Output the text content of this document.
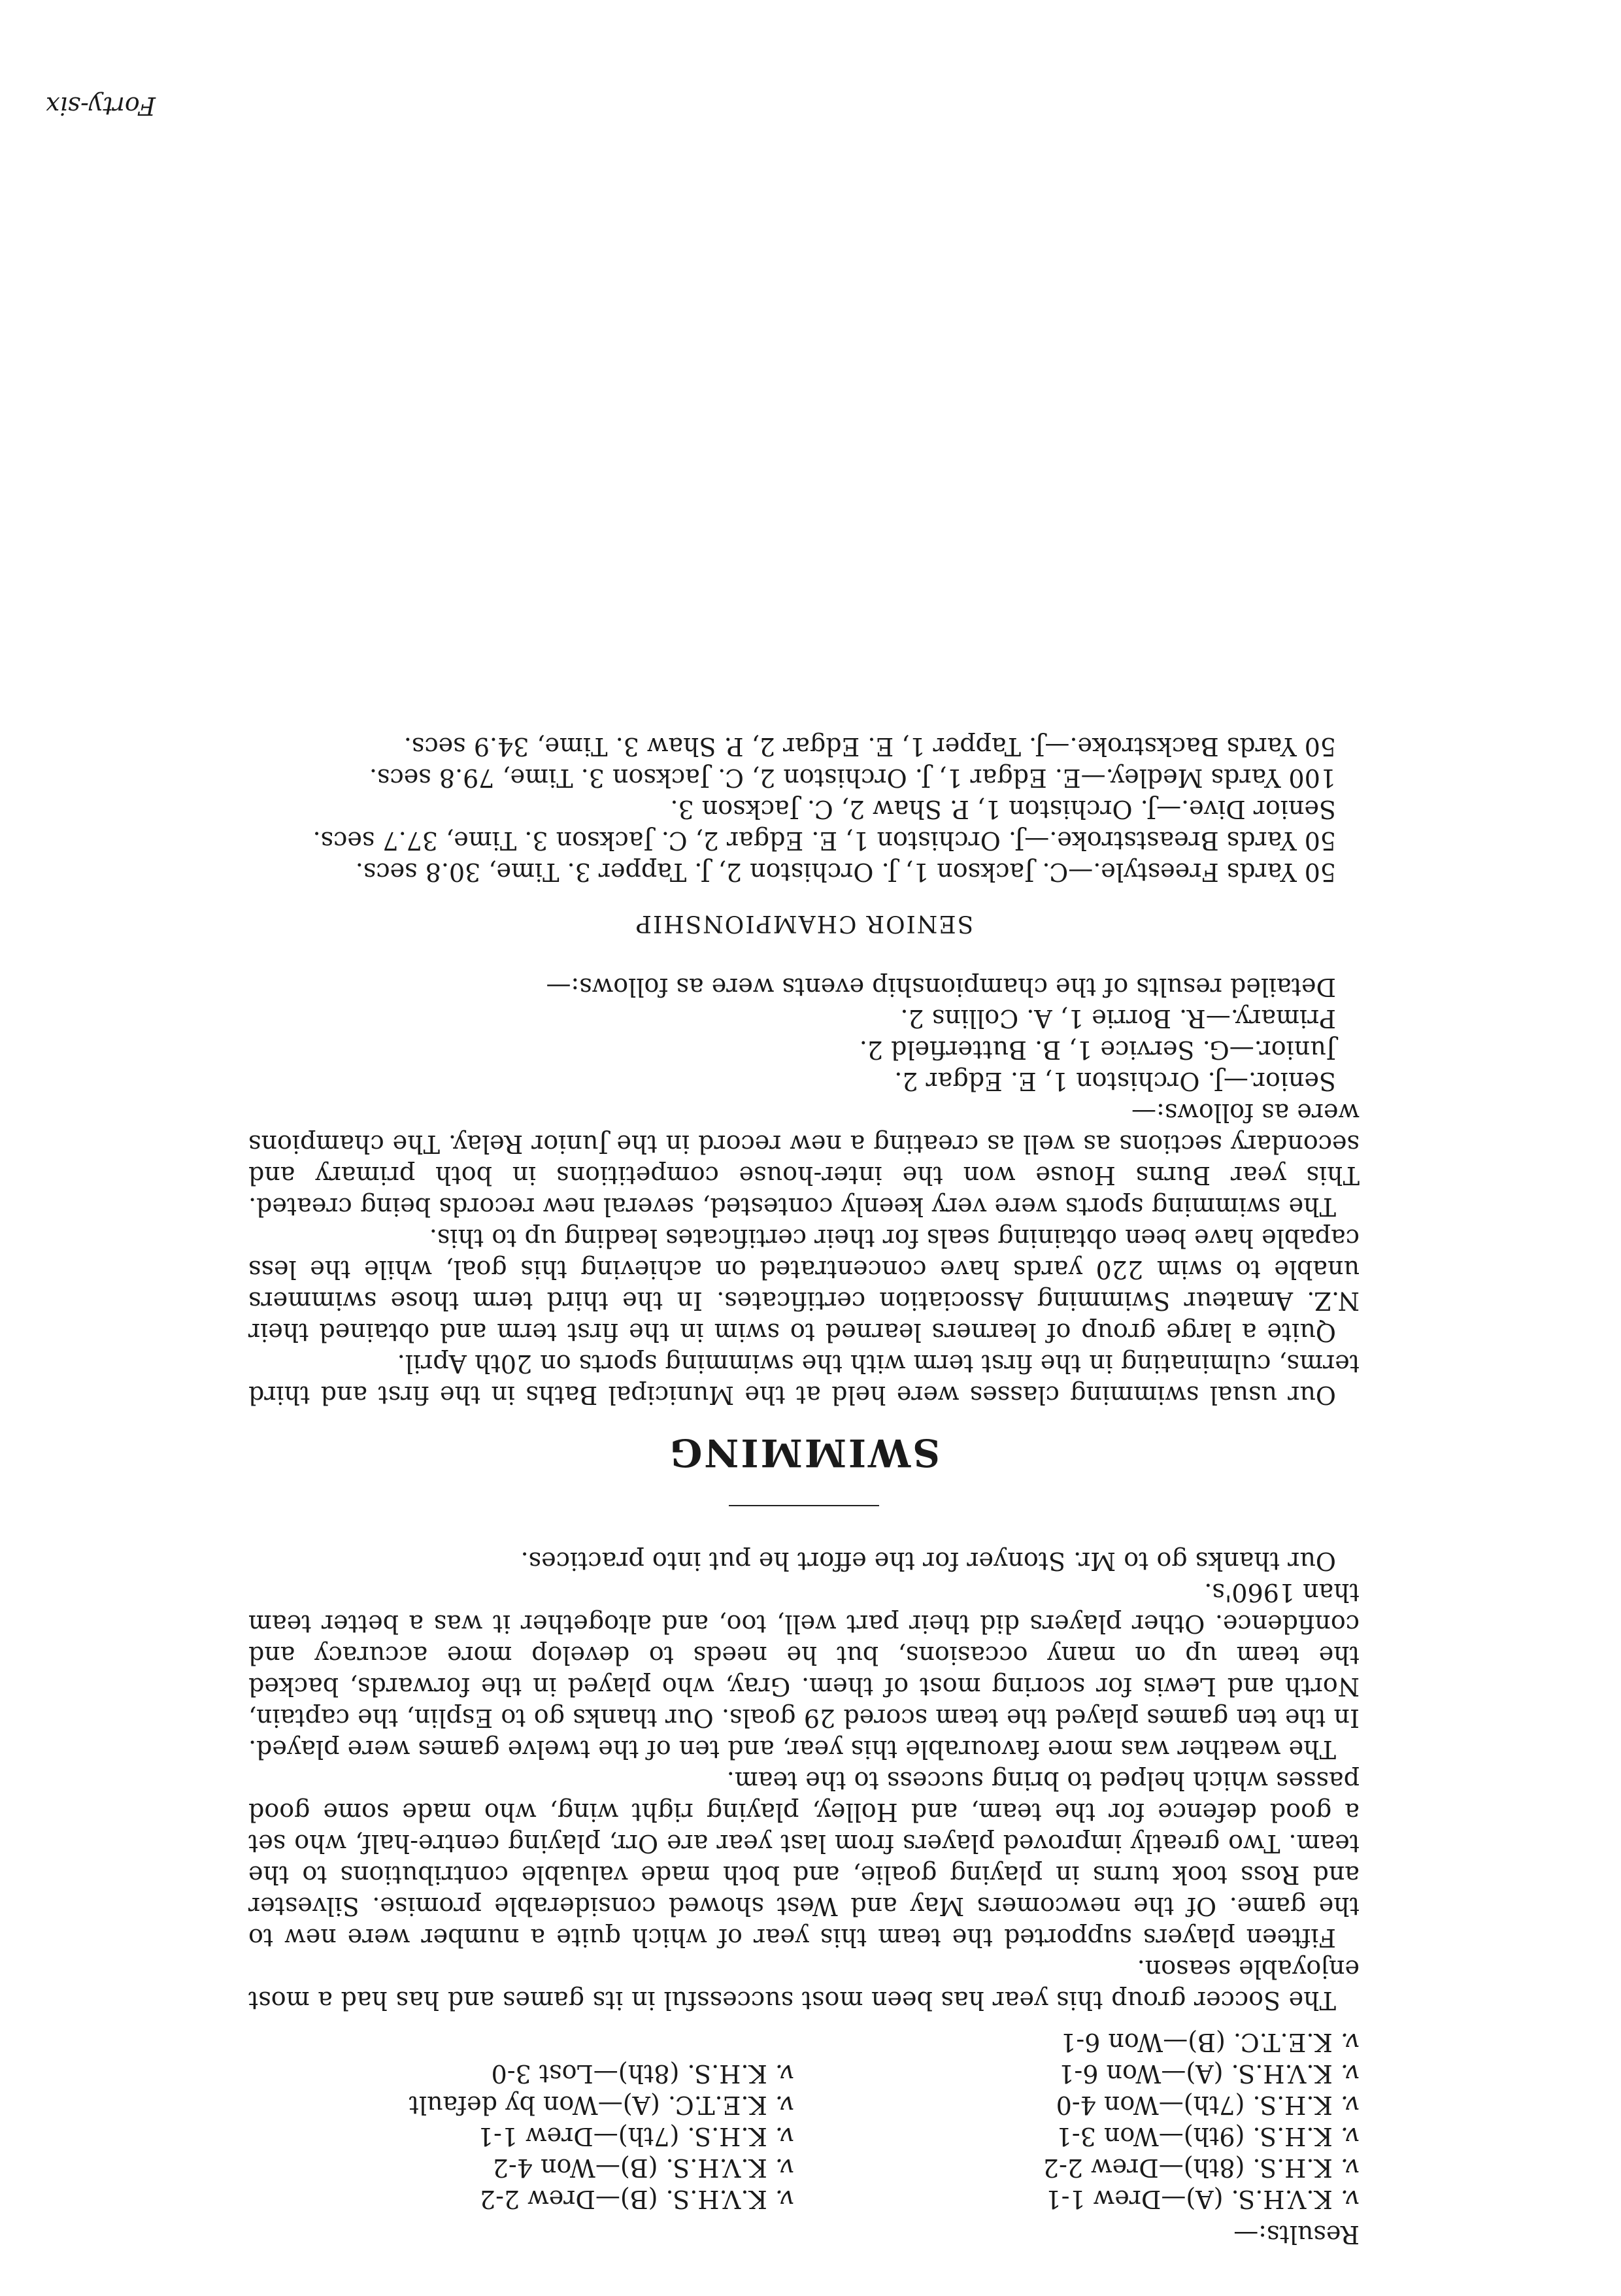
Results:—
v. K.V.H.S. (A)—Drew 1-1
v. K.H.S. (8th)—Drew 2-2
v. K.H.S. (9th)—Won 3-1
v. K.H.S. (7th)—Won 4-0
v. K.V.H.S. (A)—Won 6-1
v. K.E.T.C. (B)—Won 6-1
v. K.V.H.S. (B)—Drew 2-2
v. K.V.H.S. (B)—Won 4-2
v. K.H.S. (7th)—Drew 1-1
v. K.E.T.C. (A)—Won by default
v. K.H.S. (8th)—Lost 3-0

The Soccer group this year has been most successful in its games and has had a most enjoyable season.

Fifteen players supported the team this year of which quite a number were new to the game. Of the newcomers May and West showed considerable promise. Silvester and Ross took turns in playing goalie, and both made valuable contributions to the team. Two greatly improved players from last year are Orr, playing centre-half, who set a good defence for the team, and Holley, playing right wing, who made some good passes which helped to bring success to the team.

The weather was more favourable this year, and ten of the twelve games were played. In the ten games played the team scored 29 goals. Our thanks go to Esplin, the captain, North and Lewis for scoring most of them. Gray, who played in the forwards, backed the team up on many occasions, but he needs to develop more accuracy and confidence. Other players did their part well, too, and altogether it was a better team than 1960's.

Our thanks go to Mr. Stonyer for the effort he put into practices.

SWIMMING

Our usual swimming classes were held at the Municipal Baths in the first and third terms, culminating in the first term with the swimming sports on 20th April.

Quite a large group of learners learned to swim in the first term and obtained their N.Z. Amateur Swimming Association certificates. In the third term those swimmers unable to swim 220 yards have concentrated on achieving this goal, while the less capable have been obtaining seals for their certificates leading up to this.

The swimming sports were very keenly contested, several new records being created. This year Burns House won the inter-house competitions in both primary and secondary sections as well as creating a new record in the Junior Relay. The champions were as follows:—

Senior.—J. Orchiston 1, E. Edgar 2.
Junior.—G. Service 1, B. Butterfield 2.
Primary.—R. Borrie 1, A. Collins 2.

Detailed results of the championship events were as follows:—

SENIOR CHAMPIONSHIP
50 Yards Freestyle.—C. Jackson 1, J. Orchiston 2, J. Tapper 3. Time, 30.8 secs.
50 Yards Breaststroke.—J. Orchiston 1, E. Edgar 2, C. Jackson 3. Time, 37.7 secs.
Senior Dive.—J. Orchiston 1, P. Shaw 2, C. Jackson 3.
100 Yards Medley.—E. Edgar 1, J. Orchiston 2, C. Jackson 3. Time, 79.8 secs.
50 Yards Backstroke.—J. Tapper 1, E. Edgar 2, P. Shaw 3. Time, 34.9 secs.
Forty-six
